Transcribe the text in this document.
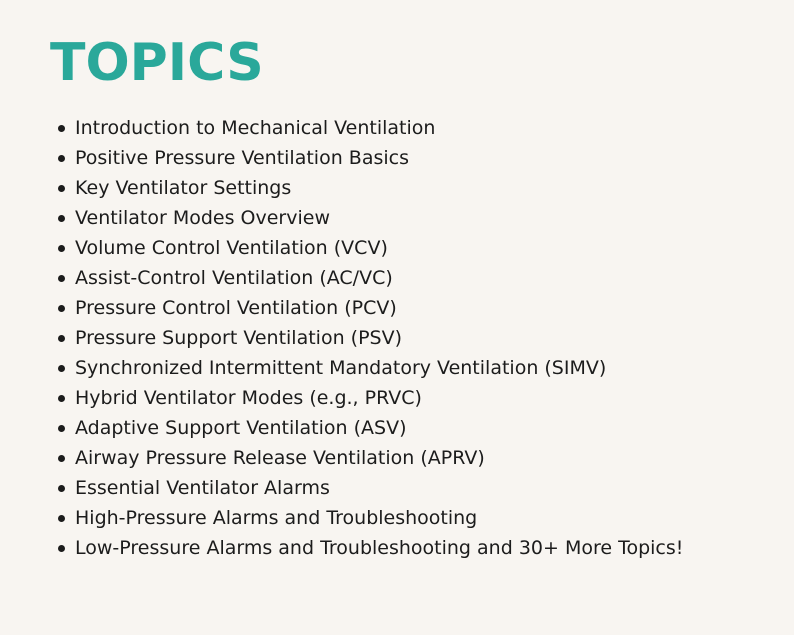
TOPICS
Introduction to Mechanical Ventilation
Positive Pressure Ventilation Basics
Key Ventilator Settings
Ventilator Modes Overview
Volume Control Ventilation (VCV)
Assist-Control Ventilation (AC/VC)
Pressure Control Ventilation (PCV)
Pressure Support Ventilation (PSV)
Synchronized Intermittent Mandatory Ventilation (SIMV)
Hybrid Ventilator Modes (e.g., PRVC)
Adaptive Support Ventilation (ASV)
Airway Pressure Release Ventilation (APRV)
Essential Ventilator Alarms
High-Pressure Alarms and Troubleshooting
Low-Pressure Alarms and Troubleshooting and 30+ More Topics!
